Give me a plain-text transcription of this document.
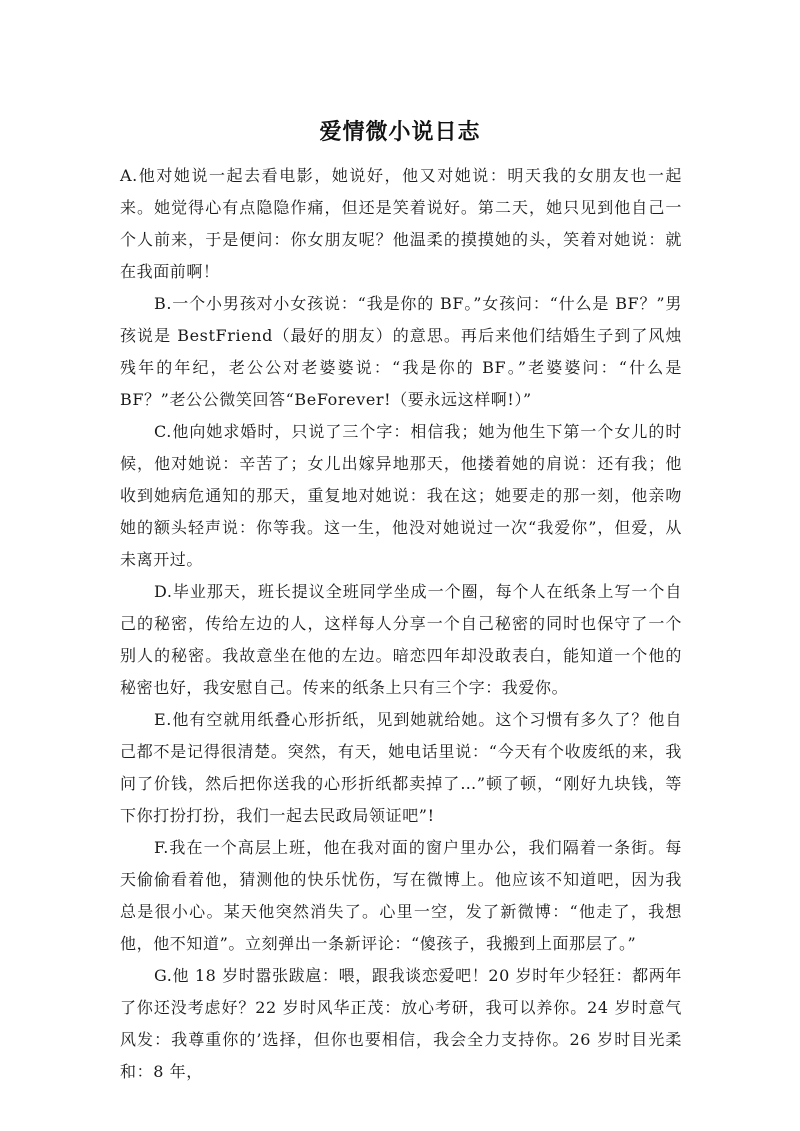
爱情微小说日志

A.他对她说一起去看电影，她说好，他又对她说：明天我的女朋友也一起来。她觉得心有点隐隐作痛，但还是笑着说好。第二天，她只见到他自己一个人前来，于是便问：你女朋友呢？他温柔的摸摸她的头，笑着对她说：就在我面前啊！

B.一个小男孩对小女孩说：“我是你的 BF。”女孩问：“什么是 BF？”男孩说是 BestFriend（最好的朋友）的意思。再后来他们结婚生子到了风烛残年的年纪，老公公对老婆婆说：“我是你的 BF。”老婆婆问：“什么是 BF？”老公公微笑回答“BeForever!（要永远这样啊!）”

C.他向她求婚时，只说了三个字：相信我；她为他生下第一个女儿的时候，他对她说：辛苦了；女儿出嫁异地那天，他搂着她的肩说：还有我；他收到她病危通知的那天，重复地对她说：我在这；她要走的那一刻，他亲吻她的额头轻声说：你等我。这一生，他没对她说过一次“我爱你”，但爱，从未离开过。

D.毕业那天，班长提议全班同学坐成一个圈，每个人在纸条上写一个自己的秘密，传给左边的人，这样每人分享一个自己秘密的同时也保守了一个别人的秘密。我故意坐在他的左边。暗恋四年却没敢表白，能知道一个他的秘密也好，我安慰自己。传来的纸条上只有三个字：我爱你。

E.他有空就用纸叠心形折纸，见到她就给她。这个习惯有多久了？他自己都不是记得很清楚。突然，有天，她电话里说：“今天有个收废纸的来，我问了价钱，然后把你送我的心形折纸都卖掉了…”顿了顿，“刚好九块钱，等下你打扮打扮，我们一起去民政局领证吧”!

F.我在一个高层上班，他在我对面的窗户里办公，我们隔着一条街。每天偷偷看着他，猜测他的快乐忧伤，写在微博上。他应该不知道吧，因为我总是很小心。某天他突然消失了。心里一空，发了新微博：“他走了，我想他，他不知道”。立刻弹出一条新评论：“傻孩子，我搬到上面那层了。”

G.他 18 岁时嚣张跋扈：喂，跟我谈恋爱吧！20 岁时年少轻狂：都两年了你还没考虑好？22 岁时风华正茂：放心考研，我可以养你。24 岁时意气风发：我尊重你的’选择，但你也要相信，我会全力支持你。26 岁时目光柔和：8 年，
